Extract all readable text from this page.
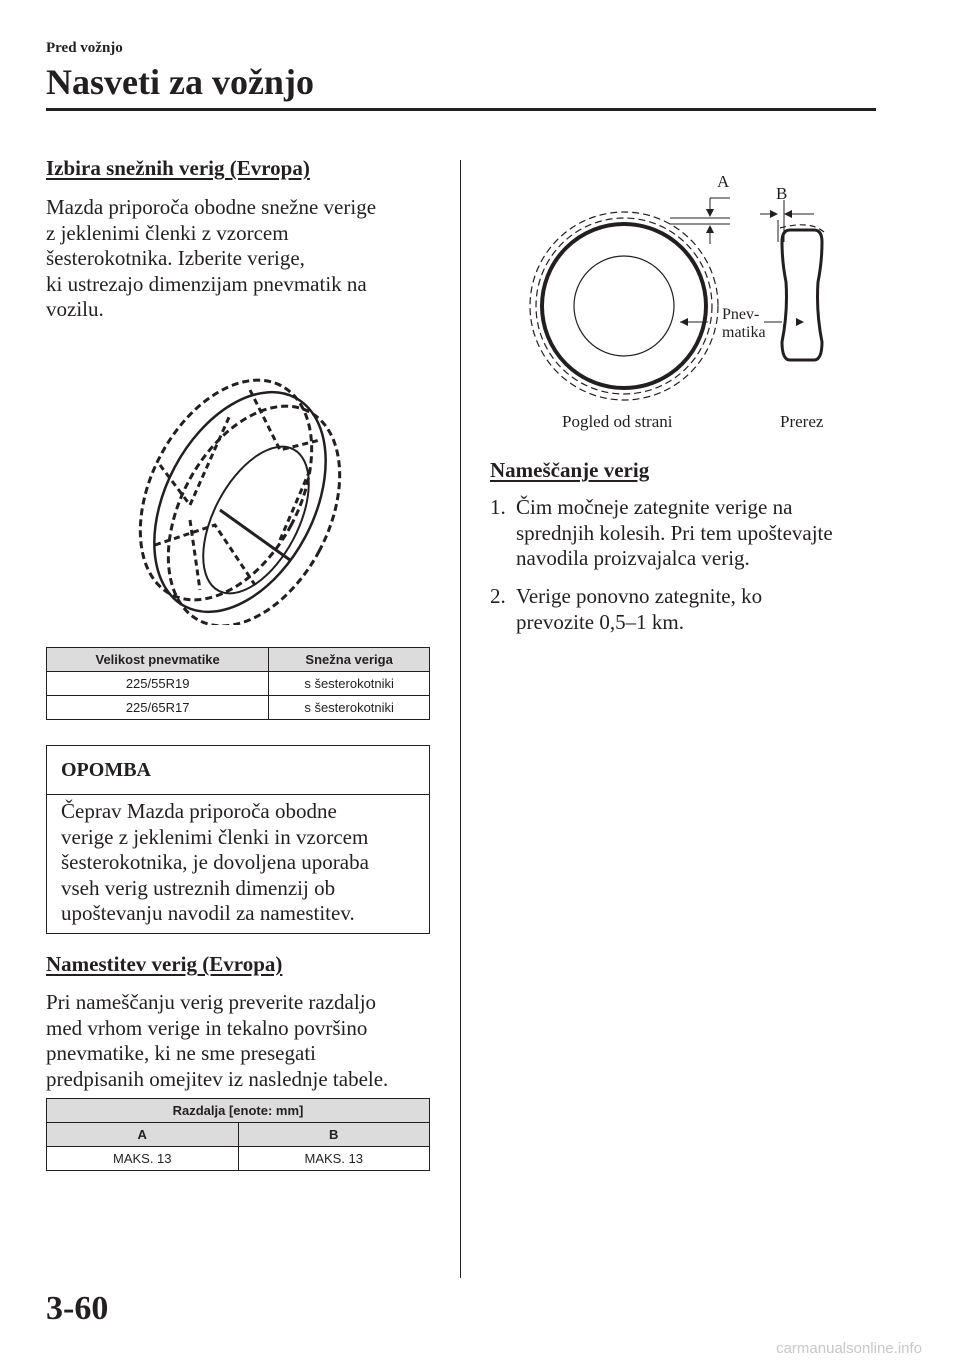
Pred vožnjo
Nasveti za vožnjo
Izbira snežnih verig (Evropa)
Mazda priporoča obodne snežne verige
z jeklenimi členki z vzorcem
šesterokotnika. Izberite verige,
ki ustrezajo dimenzijam pnevmatik na
vozilu.
Velikost pnevmatike	Snežna veriga
225/55R19	s šesterokotniki
225/65R17	s šesterokotniki
OPOMBA
Čeprav Mazda priporoča obodne
verige z jeklenimi členki in vzorcem
šesterokotnika, je dovoljena uporaba
vseh verig ustreznih dimenzij ob
upoštevanju navodil za namestitev.
Namestitev verig (Evropa)
Pri nameščanju verig preverite razdaljo
med vrhom verige in tekalno površino
pnevmatike, ki ne sme presegati
predpisanih omejitev iz naslednje tabele.
Razdalja [enote: mm]	
A	B
MAKS. 13	MAKS. 13
A
B
Pnev-
matika
Pogled od strani	Prerez
Nameščanje verig
1. Čim močneje zategnite verige na
sprednjih kolesih. Pri tem upoštevajte
navodila proizvajalca verig.
2. Verige ponovno zategnite, ko
prevozite 0,5–1 km.
3-60
carmanualsonline.info
